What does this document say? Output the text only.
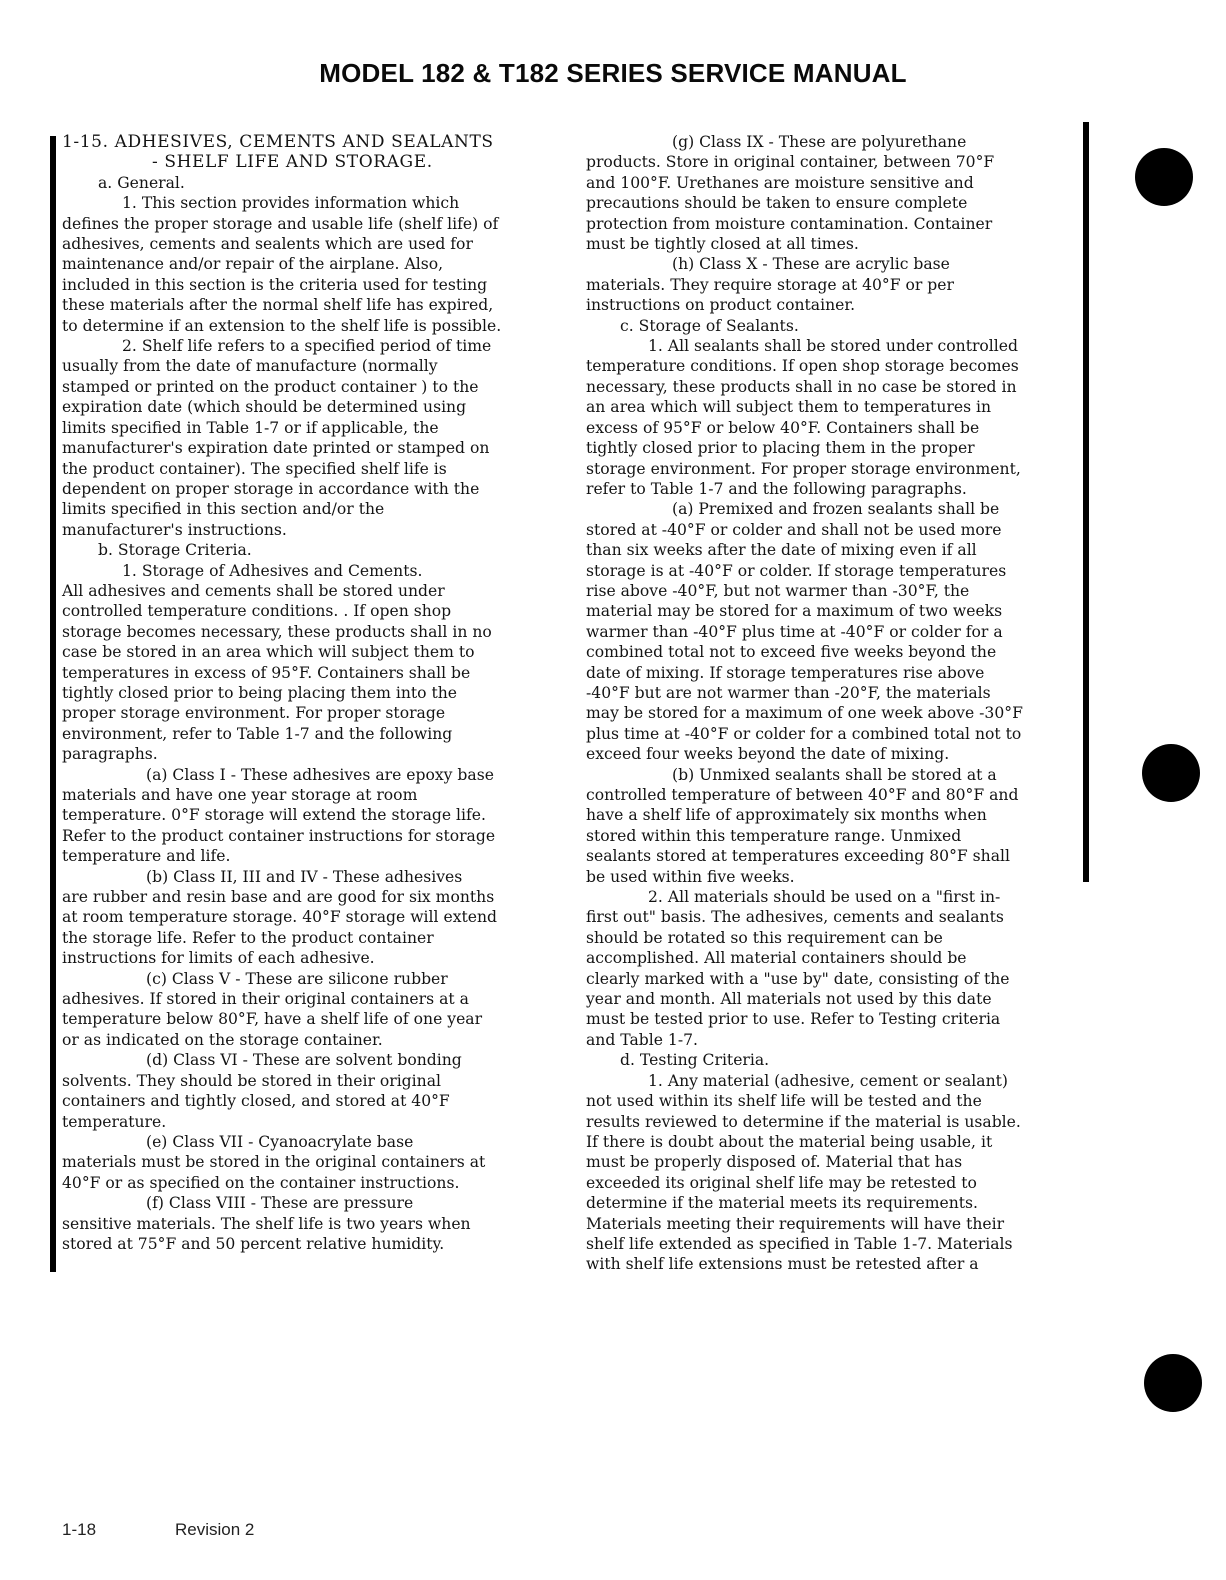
MODEL 182 & T182 SERIES SERVICE MANUAL

1-15. ADHESIVES, CEMENTS AND SEALANTS

- SHELF LIFE AND STORAGE.

a. General.

1. This section provides information which

defines the proper storage and usable life (shelf life) of

adhesives, cements and sealents which are used for

maintenance and/or repair of the airplane. Also,

included in this section is the criteria used for testing

these materials after the normal shelf life has expired,

to determine if an extension to the shelf life is possible.

2. Shelf life refers to a specified period of time

usually from the date of manufacture (normally

stamped or printed on the product container ) to the

expiration date (which should be determined using

limits specified in Table 1-7 or if applicable, the

manufacturer's expiration date printed or stamped on

the product container). The specified shelf life is

dependent on proper storage in accordance with the

limits specified in this section and/or the

manufacturer's instructions.

b. Storage Criteria.

1. Storage of Adhesives and Cements.

All adhesives and cements shall be stored under

controlled temperature conditions. . If open shop

storage becomes necessary, these products shall in no

case be stored in an area which will subject them to

temperatures in excess of 95°F. Containers shall be

tightly closed prior to being placing them into the

proper storage environment. For proper storage

environment, refer to Table 1-7 and the following

paragraphs.

(a) Class I - These adhesives are epoxy base

materials and have one year storage at room

temperature. 0°F storage will extend the storage life.

Refer to the product container instructions for storage

temperature and life.

(b) Class II, III and IV - These adhesives

are rubber and resin base and are good for six months

at room temperature storage. 40°F storage will extend

the storage life. Refer to the product container

instructions for limits of each adhesive.

(c) Class V - These are silicone rubber

adhesives. If stored in their original containers at a

temperature below 80°F, have a shelf life of one year

or as indicated on the storage container.

(d) Class VI - These are solvent bonding

solvents. They should be stored in their original

containers and tightly closed, and stored at 40°F

temperature.

(e) Class VII - Cyanoacrylate base

materials must be stored in the original containers at

40°F or as specified on the container instructions.

(f) Class VIII - These are pressure

sensitive materials. The shelf life is two years when

stored at 75°F and 50 percent relative humidity.

(g) Class IX - These are polyurethane

products. Store in original container, between 70°F

and 100°F. Urethanes are moisture sensitive and

precautions should be taken to ensure complete

protection from moisture contamination. Container

must be tightly closed at all times.

(h) Class X - These are acrylic base

materials. They require storage at 40°F or per

instructions on product container.

c. Storage of Sealants.

1. All sealants shall be stored under controlled

temperature conditions. If open shop storage becomes

necessary, these products shall in no case be stored in

an area which will subject them to temperatures in

excess of 95°F or below 40°F. Containers shall be

tightly closed prior to placing them in the proper

storage environment. For proper storage environment,

refer to Table 1-7 and the following paragraphs.

(a) Premixed and frozen sealants shall be

stored at -40°F or colder and shall not be used more

than six weeks after the date of mixing even if all

storage is at -40°F or colder. If storage temperatures

rise above -40°F, but not warmer than -30°F, the

material may be stored for a maximum of two weeks

warmer than -40°F plus time at -40°F or colder for a

combined total not to exceed five weeks beyond the

date of mixing. If storage temperatures rise above

-40°F but are not warmer than -20°F, the materials

may be stored for a maximum of one week above -30°F

plus time at -40°F or colder for a combined total not to

exceed four weeks beyond the date of mixing.

(b) Unmixed sealants shall be stored at a

controlled temperature of between 40°F and 80°F and

have a shelf life of approximately six months when

stored within this temperature range. Unmixed

sealants stored at temperatures exceeding 80°F shall

be used within five weeks.

2. All materials should be used on a "first in-

first out" basis. The adhesives, cements and sealants

should be rotated so this requirement can be

accomplished. All material containers should be

clearly marked with a "use by" date, consisting of the

year and month. All materials not used by this date

must be tested prior to use. Refer to Testing criteria

and Table 1-7.

d. Testing Criteria.

1. Any material (adhesive, cement or sealant)

not used within its shelf life will be tested and the

results reviewed to determine if the material is usable.

If there is doubt about the material being usable, it

must be properly disposed of. Material that has

exceeded its original shelf life may be retested to

determine if the material meets its requirements.

Materials meeting their requirements will have their

shelf life extended as specified in Table 1-7. Materials

with shelf life extensions must be retested after a

1-18	Revision 2
